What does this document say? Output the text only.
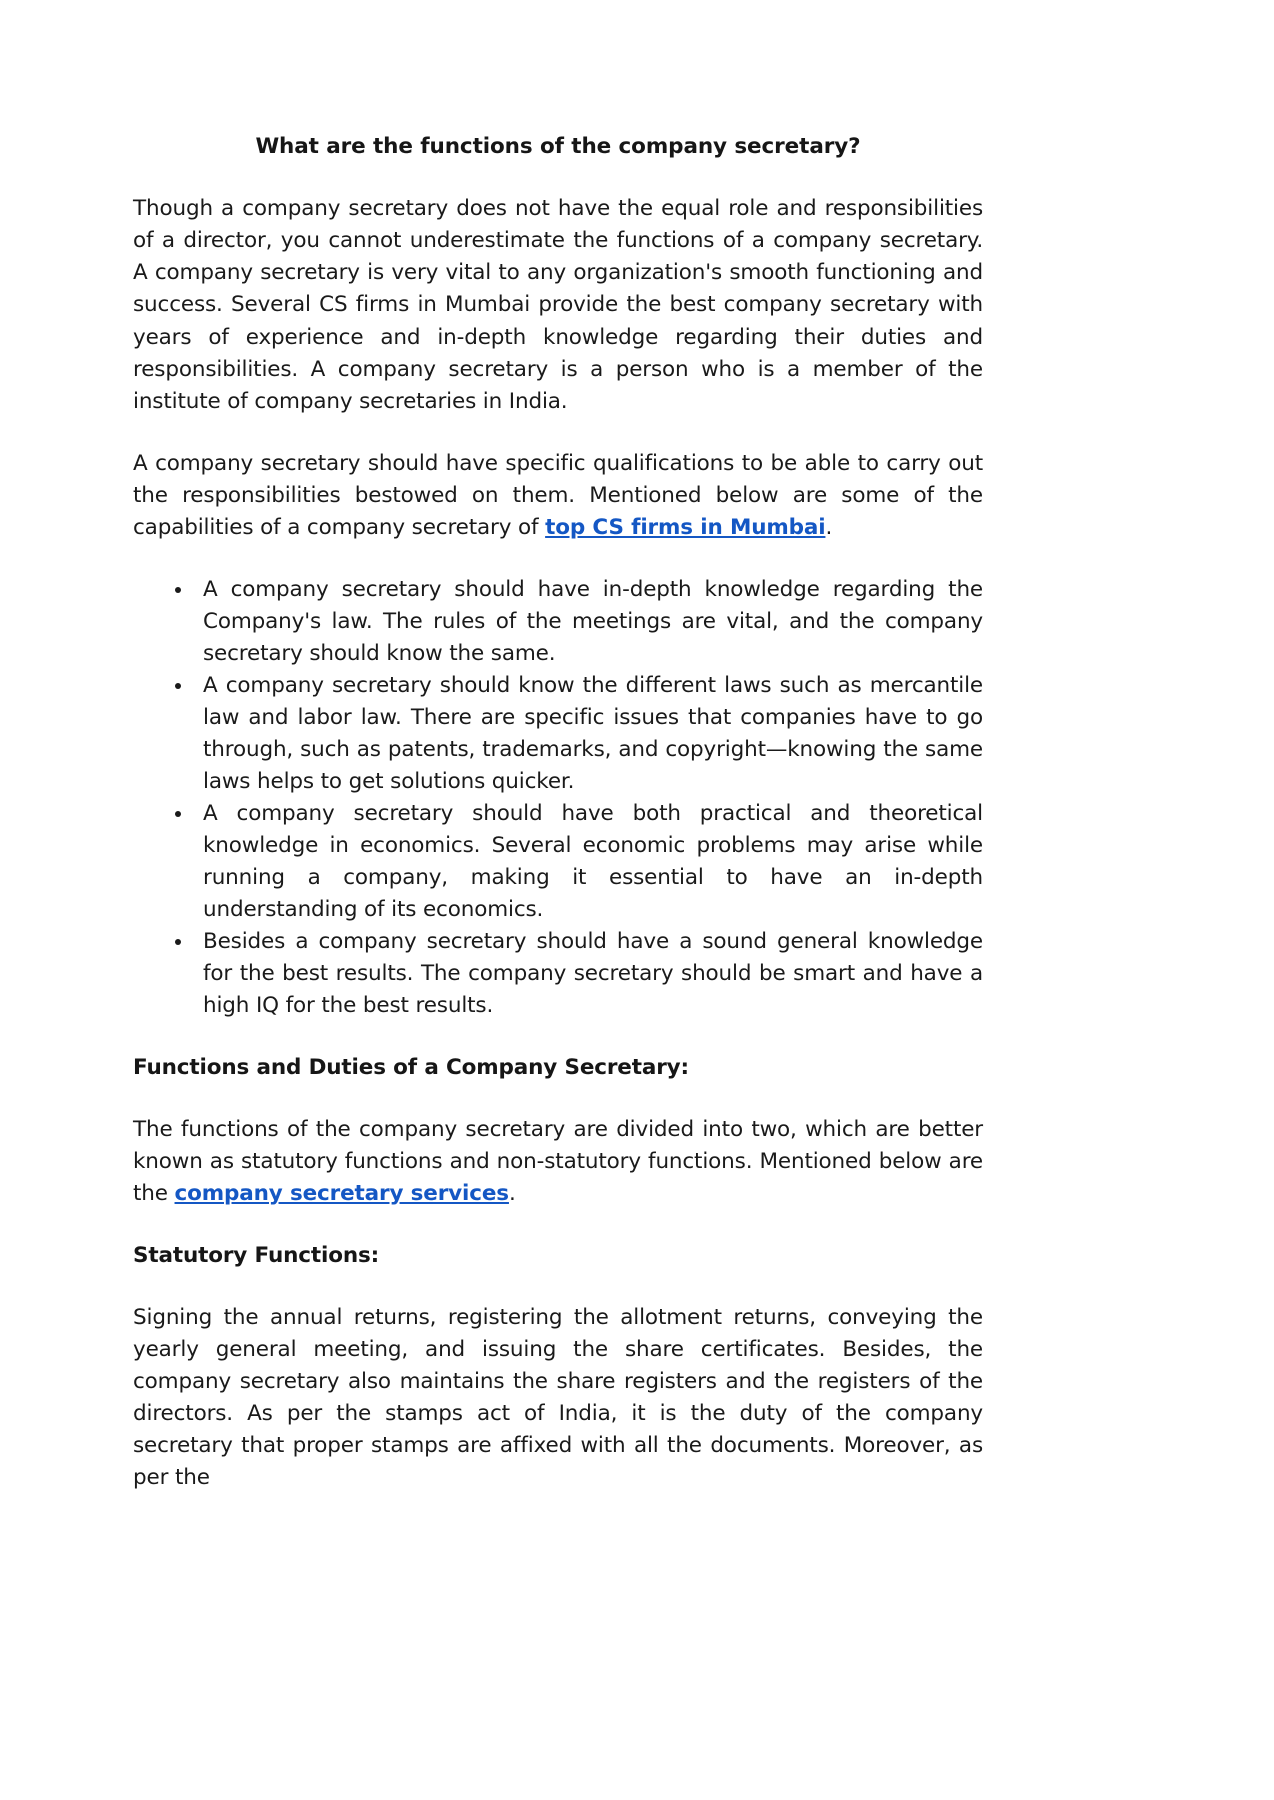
What are the functions of the company secretary?

Though a company secretary does not have the equal role and responsibilities of a director, you cannot underestimate the functions of a company secretary. A company secretary is very vital to any organization's smooth functioning and success. Several CS firms in Mumbai provide the best company secretary with years of experience and in-depth knowledge regarding their duties and responsibilities. A company secretary is a person who is a member of the institute of company secretaries in India.

A company secretary should have specific qualifications to be able to carry out the responsibilities bestowed on them. Mentioned below are some of the capabilities of a company secretary of top CS firms in Mumbai.

A company secretary should have in-depth knowledge regarding the Company's law. The rules of the meetings are vital, and the company secretary should know the same.
A company secretary should know the different laws such as mercantile law and labor law. There are specific issues that companies have to go through, such as patents, trademarks, and copyright—knowing the same laws helps to get solutions quicker.
A company secretary should have both practical and theoretical knowledge in economics. Several economic problems may arise while running a company, making it essential to have an in-depth understanding of its economics.
Besides a company secretary should have a sound general knowledge for the best results. The company secretary should be smart and have a high IQ for the best results.
Functions and Duties of a Company Secretary:

The functions of the company secretary are divided into two, which are better known as statutory functions and non-statutory functions. Mentioned below are the company secretary services.

Statutory Functions:

Signing the annual returns, registering the allotment returns, conveying the yearly general meeting, and issuing the share certificates. Besides, the company secretary also maintains the share registers and the registers of the directors. As per the stamps act of India, it is the duty of the company secretary that proper stamps are affixed with all the documents. Moreover, as per the
